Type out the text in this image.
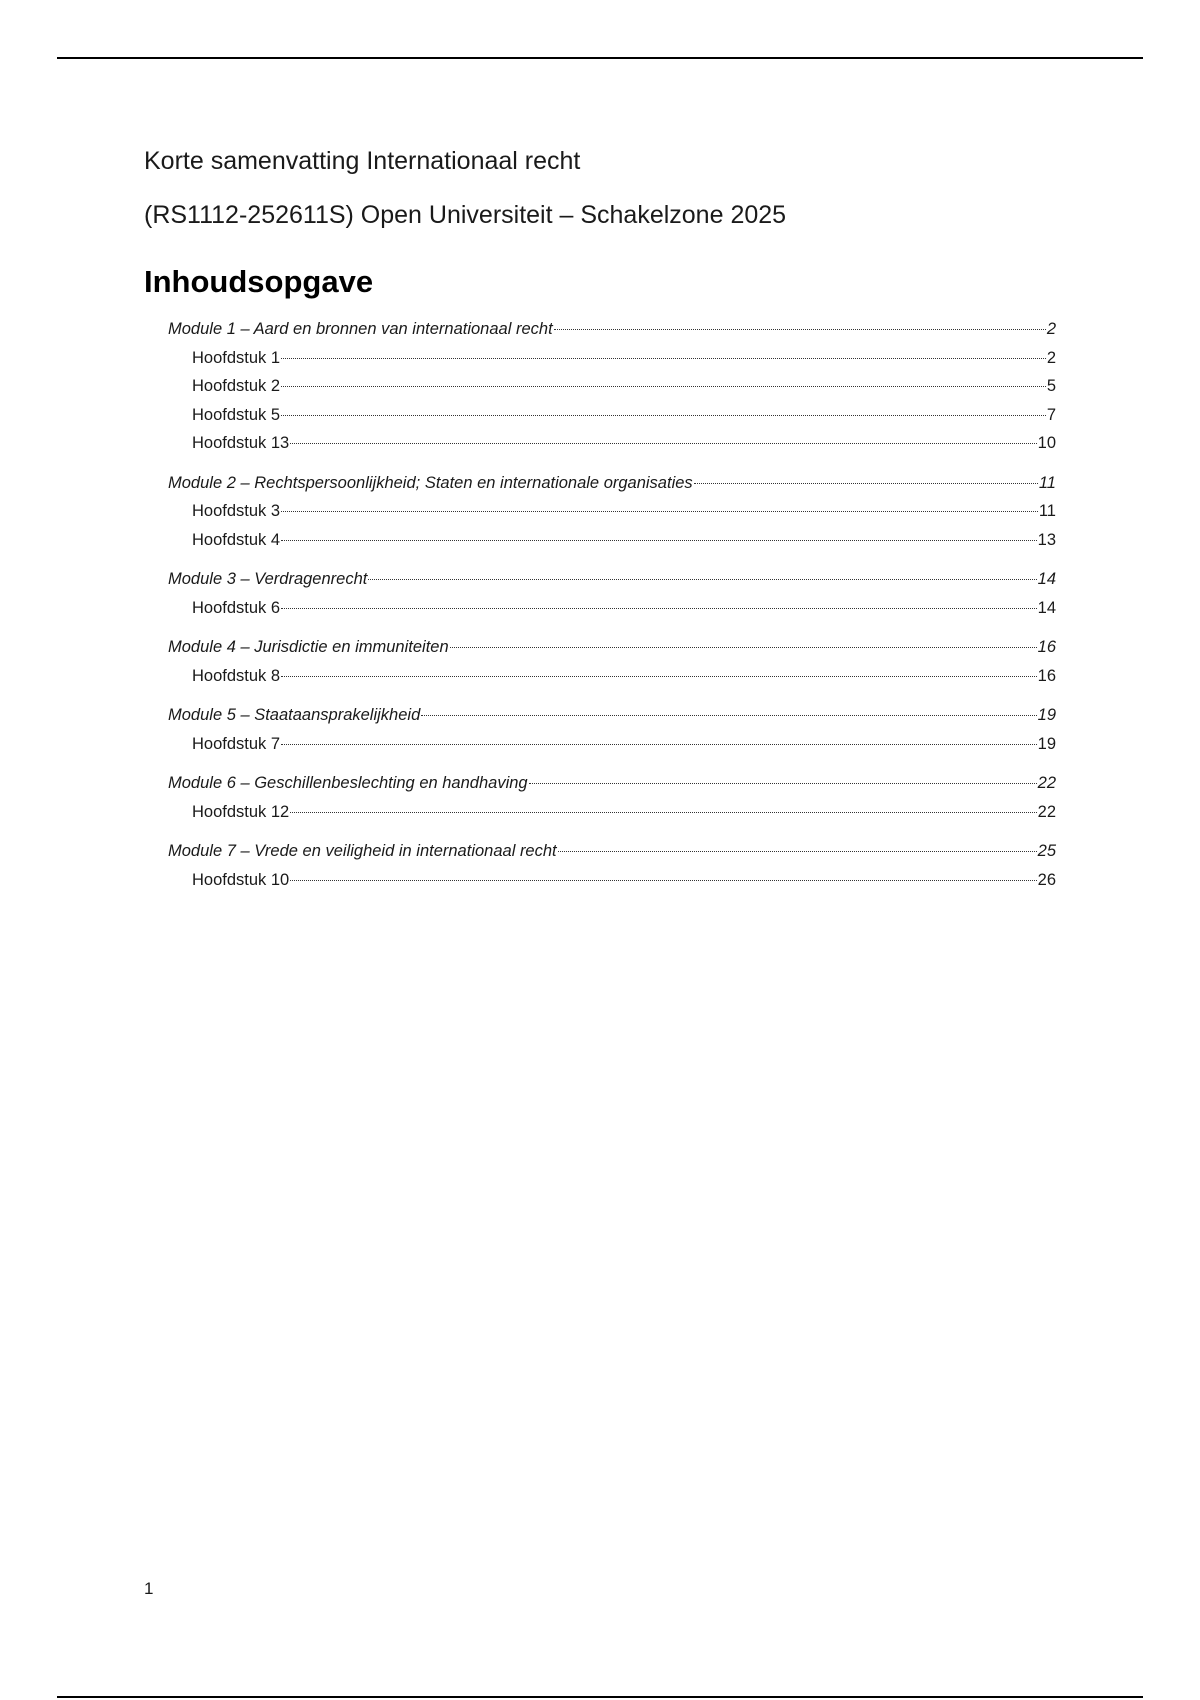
Korte samenvatting Internationaal recht
(RS1112-252611S) Open Universiteit – Schakelzone 2025
Inhoudsopgave
Module 1 – Aard en bronnen van internationaal recht	2
Hoofdstuk 1	2
Hoofdstuk 2	5
Hoofdstuk 5	7
Hoofdstuk 13	10
Module 2 – Rechtspersoonlijkheid; Staten en internationale organisaties	11
Hoofdstuk 3	11
Hoofdstuk 4	13
Module 3 – Verdragenrecht	14
Hoofdstuk 6	14
Module 4 – Jurisdictie en immuniteiten	16
Hoofdstuk 8	16
Module 5 – Staataansprakelijkheid	19
Hoofdstuk 7	19
Module 6 – Geschillenbeslechting en handhaving	22
Hoofdstuk 12	22
Module 7 – Vrede en veiligheid in internationaal recht	25
Hoofdstuk 10	26
1
